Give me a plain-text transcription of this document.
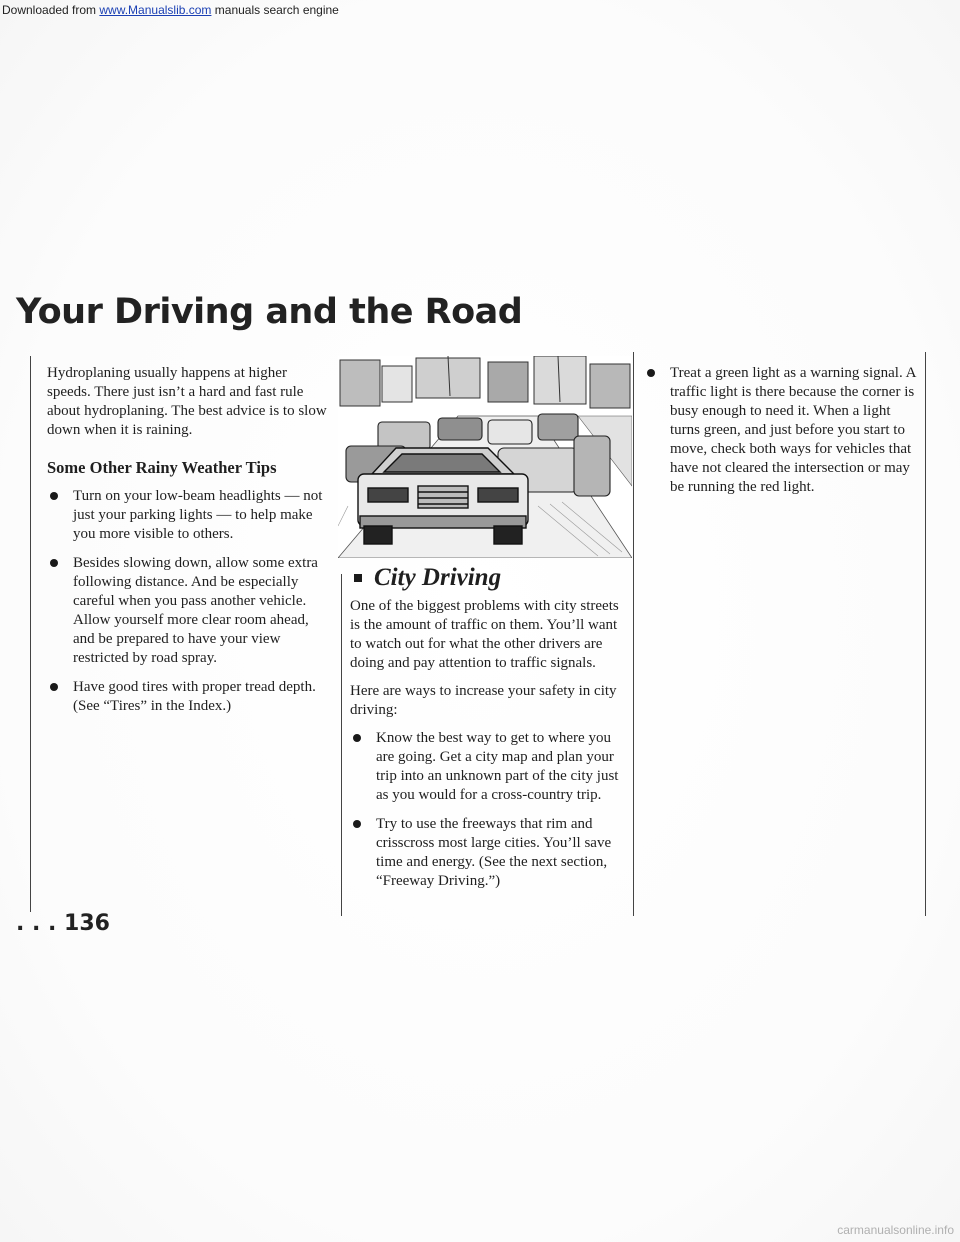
Downloaded from www.Manualslib.com manuals search engine
Your Driving and the Road

Hydroplaning usually happens at higher speeds. There just isn’t a hard and fast rule about hydroplaning. The best advice is to slow down when it is raining.

Some Other Rainy Weather Tips
Turn on your low-beam headlights — not just your parking lights — to help make you more visible to others.
Besides slowing down, allow some extra following distance. And be especially careful when you pass another vehicle. Allow yourself more clear room ahead, and be prepared to have your view restricted by road spray.
Have good tires with proper tread depth. (See “Tires” in the Index.)
City Driving

One of the biggest problems with city streets is the amount of traffic on them. You’ll want to watch out for what the other drivers are doing and pay attention to traffic signals.

Here are ways to increase your safety in city driving:

Know the best way to get to where you are going. Get a city map and plan your trip into an unknown part of the city just as you would for a cross-country trip.
Try to use the freeways that rim and crisscross most large cities. You’ll save time and energy. (See the next section, “Freeway Driving.”)
Treat a green light as a warning signal. A traffic light is there because the corner is busy enough to need it. When a light turns green, and just before you start to move, check both ways for vehicles that have not cleared the intersection or may be running the red light.
. . . 136
carmanualsonline.info
